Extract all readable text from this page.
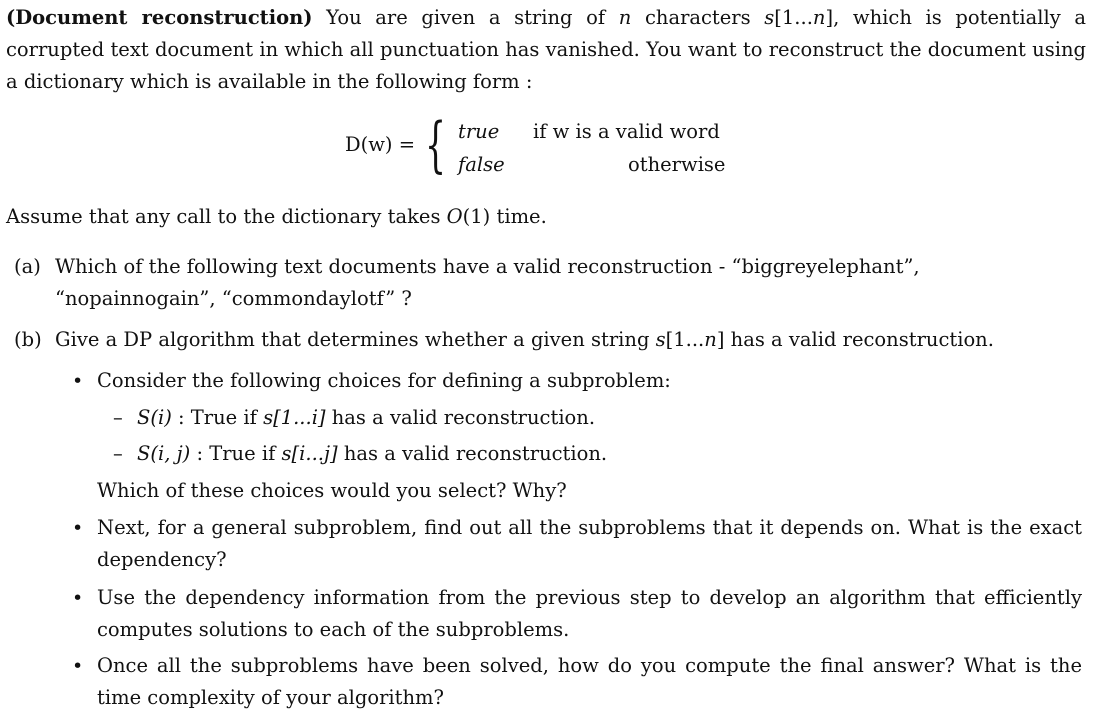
(Document reconstruction) You are given a string of n characters s[1...n], which is potentially a corrupted text document in which all punctuation has vanished. You want to reconstruct the document using a dictionary which is available in the following form :
D(w) = { true if w is a valid word
false	otherwise
Assume that any call to the dictionary takes O(1) time.
(a) Which of the following text documents have a valid reconstruction - “biggreyelephant”, “nopainnogain”, “commondaylotf” ?
(b) Give a DP algorithm that determines whether a given string s[1...n] has a valid reconstruction.
• Consider the following choices for defining a subproblem:
– S(i) : True if s[1...i] has a valid reconstruction.
– S(i, j) : True if s[i...j] has a valid reconstruction.
Which of these choices would you select? Why?
• Next, for a general subproblem, find out all the subproblems that it depends on. What is the exact dependency?
• Use the dependency information from the previous step to develop an algorithm that efficiently computes solutions to each of the subproblems.
• Once all the subproblems have been solved, how do you compute the final answer? What is the time complexity of your algorithm?
